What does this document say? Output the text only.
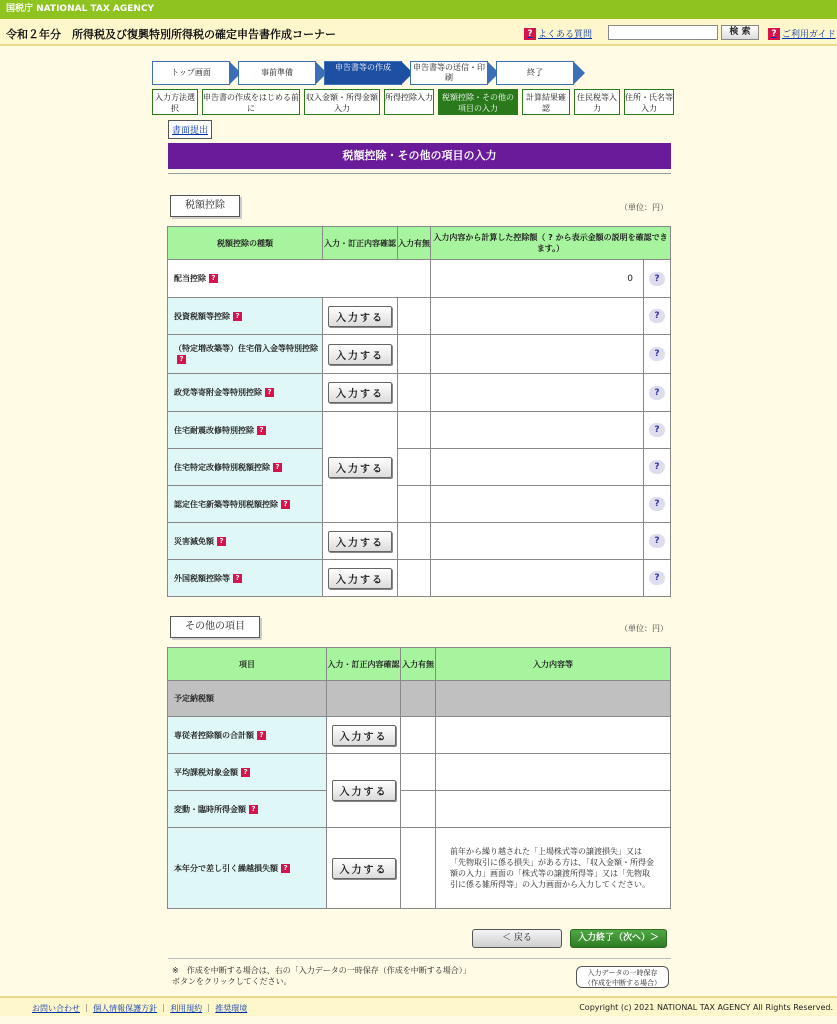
国税庁 NATIONAL TAX AGENCY
令和２年分　所得税及び復興特別所得税の確定申告書作成コーナー	? よくある質問	検 索	? ご利用ガイド
トップ画面	事前準備
申告書等の作成	申告書等の送信・印刷
終了
入力方法選択
申告書の作成をはじめる前に
収入金額・所得金額入力
所得控除入力	税額控除・その他の項目の入力
計算結果確認
住民税等入力
住所・氏名等入力
書面提出
税額控除・その他の項目の入力
税額控除	（単位：円）
税額控除の種類	入力・訂正内容確認	入力有無	入力内容から計算した控除額（ ? から表示金額の説明を確認できます。）	
配当控除 ?			0	?
投資税額等控除 ?	入力する			?
（特定増改築等）住宅借入金等特別控除?	入力する			?
政党等寄附金等特別控除 ?	入力する			?
住宅耐震改修特別控除 ?	入力する			?
住宅特定改修特別税額控除 ?				?
認定住宅新築等特別税額控除 ?				?
災害減免額 ?	入力する			?
外国税額控除等 ?	入力する			?
その他の項目	（単位：円）
項目	入力・訂正内容確認	入力有無	入力内容等
予定納税額			
専従者控除額の合計額 ?	入力する		
平均課税対象金額 ?	入力する		
変動・臨時所得金額 ?			
本年分で差し引く繰越損失額 ?	入力する		前年から繰り越された「上場株式等の譲渡損失」又は「先物取引に係る損失」がある方は、「収入金額・所得金額の入力」画面の「株式等の譲渡所得等」又は「先物取引に係る雑所得等」の入力画面から入力してください。
＜ 戻る	入力終了（次へ）＞
※　作成を中断する場合は、右の「入力データの一時保存（作成を中断する場合）」ボタンをクリックしてください。
入力データの一時保存
（作成を中断する場合）
お問い合わせ ｜ 個人情報保護方針 ｜ 利用規約 ｜ 推奨環境	Copyright (c) 2021 NATIONAL TAX AGENCY All Rights Reserved.
